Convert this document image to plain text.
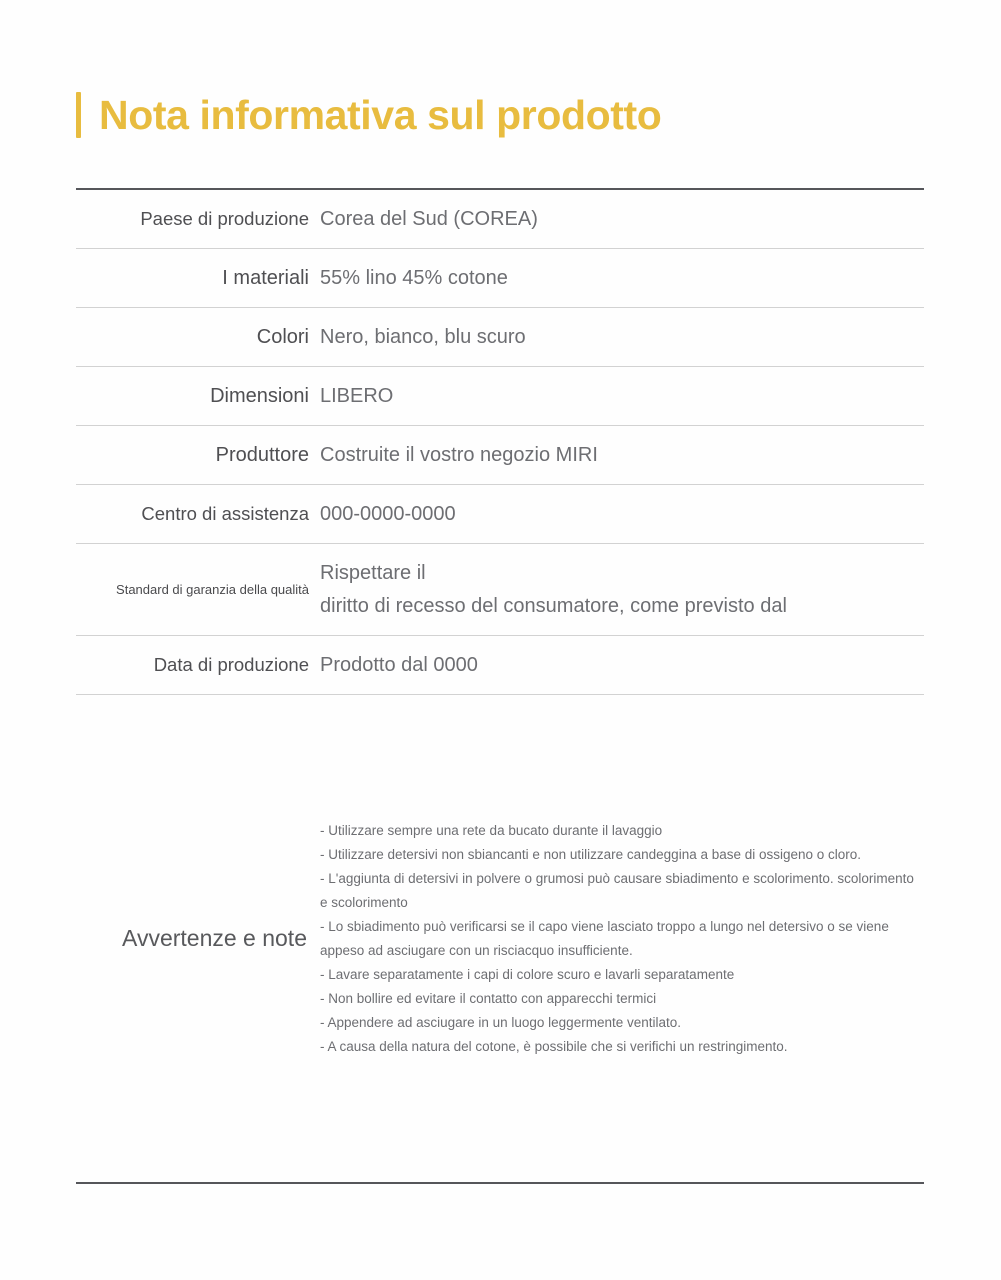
Nota informativa sul prodotto
Paese di produzione Corea del Sud (COREA)
I materiali 55% lino 45% cotone
Colori Nero, bianco, blu scuro
Dimensioni LIBERO
Produttore Costruite il vostro negozio MIRI
Centro di assistenza 000-0000-0000
Standard di garanzia della qualità
Rispettare il
diritto di recesso del consumatore, come previsto dal
Data di produzione Prodotto dal 0000
Avvertenze e note
- Utilizzare sempre una rete da bucato durante il lavaggio
- Utilizzare detersivi non sbiancanti e non utilizzare candeggina a base di ossigeno o cloro.
- L'aggiunta di detersivi in polvere o grumosi può causare sbiadimento e scolorimento. scolorimento e scolorimento
- Lo sbiadimento può verificarsi se il capo viene lasciato troppo a lungo nel detersivo o se viene appeso ad asciugare con un risciacquo insufficiente.
- Lavare separatamente i capi di colore scuro e lavarli separatamente
- Non bollire ed evitare il contatto con apparecchi termici
- Appendere ad asciugare in un luogo leggermente ventilato.
- A causa della natura del cotone, è possibile che si verifichi un restringimento.
